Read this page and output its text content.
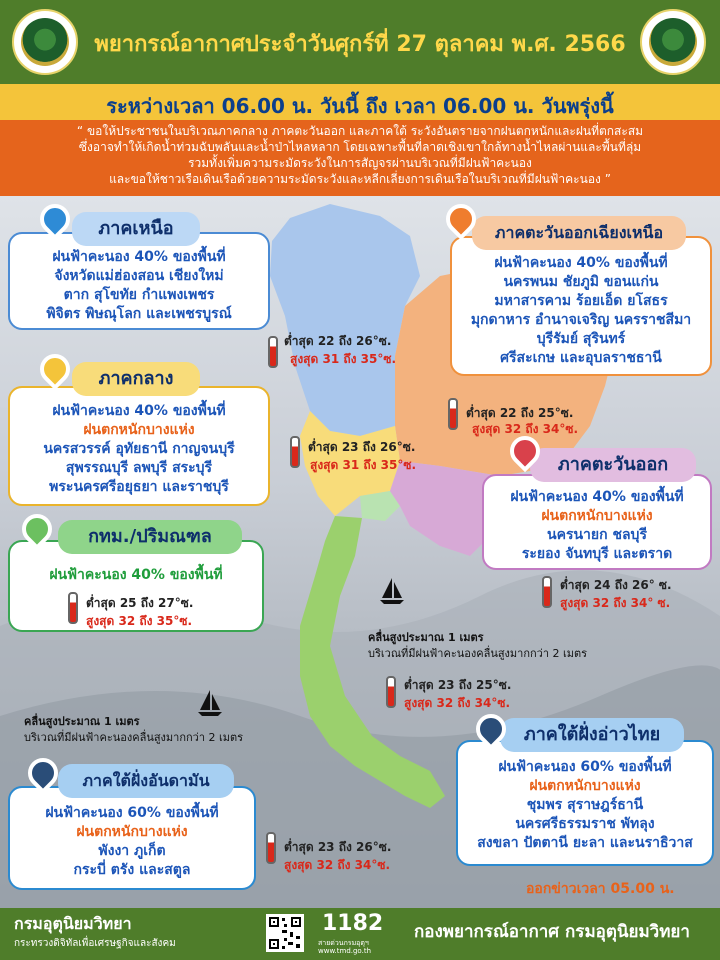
พยากรณ์อากาศประจำวันศุกร์ที่ 27 ตุลาคม พ.ศ. 2566
ระหว่างเวลา 06.00 น. วันนี้ ถึง เวลา 06.00 น. วันพรุ่งนี้
“ ขอให้ประชาชนในบริเวณภาคกลาง ภาคตะวันออก และภาคใต้ ระวังอันตรายจากฝนตกหนักและฝนที่ตกสะสม
ซึ่งอาจทำให้เกิดน้ำท่วมฉับพลันและน้ำป่าไหลหลาก โดยเฉพาะพื้นที่ลาดเชิงเขาใกล้ทางน้ำไหลผ่านและพื้นที่ลุ่ม
รวมทั้งเพิ่มความระมัดระวังในการสัญจรผ่านบริเวณที่มีฝนฟ้าคะนอง
และขอให้ชาวเรือเดินเรือด้วยความระมัดระวังและหลีกเลี่ยงการเดินเรือในบริเวณที่มีฝนฟ้าคะนอง ”
ฝนฟ้าคะนอง 40% ของพื้นที่
จังหวัดแม่ฮ่องสอน เชียงใหม่
ตาก สุโขทัย กำแพงเพชร
พิจิตร พิษณุโลก และเพชรบูรณ์
ภาคเหนือ
ต่ำสุด 22 ถึง 26°ซ.
สูงสุด 31 ถึง 35°ซ.
ฝนฟ้าคะนอง 40% ของพื้นที่
นครพนม ชัยภูมิ ขอนแก่น
มหาสารคาม ร้อยเอ็ด ยโสธร
มุกดาหาร อำนาจเจริญ นครราชสีมา
บุรีรัมย์ สุรินทร์
ศรีสะเกษ และอุบลราชธานี
ภาคตะวันออกเฉียงเหนือ
ต่ำสุด 22 ถึง 25°ซ.
สูงสุด 32 ถึง 34°ซ.
ฝนฟ้าคะนอง 40% ของพื้นที่
ฝนตกหนักบางแห่ง
นครสวรรค์ อุทัยธานี กาญจนบุรี
สุพรรณบุรี ลพบุรี สระบุรี
พระนครศรีอยุธยา และราชบุรี
ภาคกลาง
ต่ำสุด 23 ถึง 26°ซ.
สูงสุด 31 ถึง 35°ซ.
ฝนฟ้าคะนอง 40% ของพื้นที่
ฝนตกหนักบางแห่ง
นครนายก ชลบุรี
ระยอง จันทบุรี และตราด
ภาคตะวันออก
ต่ำสุด 24 ถึง 26° ซ.
สูงสุด 32 ถึง 34° ซ.
ฝนฟ้าคะนอง 40% ของพื้นที่
กทม./ปริมณฑล
ต่ำสุด 25 ถึง 27°ซ.
สูงสุด 32 ถึง 35°ซ.
คลื่นสูงประมาณ 1 เมตร
บริเวณที่มีฝนฟ้าคะนองคลื่นสูงมากกว่า 2 เมตร
ต่ำสุด 23 ถึง 25°ซ.
สูงสุด 32 ถึง 34°ซ.
คลื่นสูงประมาณ 1 เมตร
บริเวณที่มีฝนฟ้าคะนองคลื่นสูงมากกว่า 2 เมตร
ฝนฟ้าคะนอง 60% ของพื้นที่
ฝนตกหนักบางแห่ง
ชุมพร สุราษฎร์ธานี
นครศรีธรรมราช พัทลุง
สงขลา ปัตตานี ยะลา และนราธิวาส
ภาคใต้ฝั่งอ่าวไทย
ฝนฟ้าคะนอง 60% ของพื้นที่
ฝนตกหนักบางแห่ง
พังงา ภูเก็ต
กระบี่ ตรัง และสตูล
ภาคใต้ฝั่งอันดามัน
ต่ำสุด 23 ถึง 26°ซ.
สูงสุด 32 ถึง 34°ซ.
ออกข่าวเวลา 05.00 น.
กรมอุตุนิยมวิทยา
กระทรวงดิจิทัลเพื่อเศรษฐกิจและสังคม
1182
สายด่วนกรมอุตุฯ
www.tmd.go.th
กองพยากรณ์อากาศ กรมอุตุนิยมวิทยา
